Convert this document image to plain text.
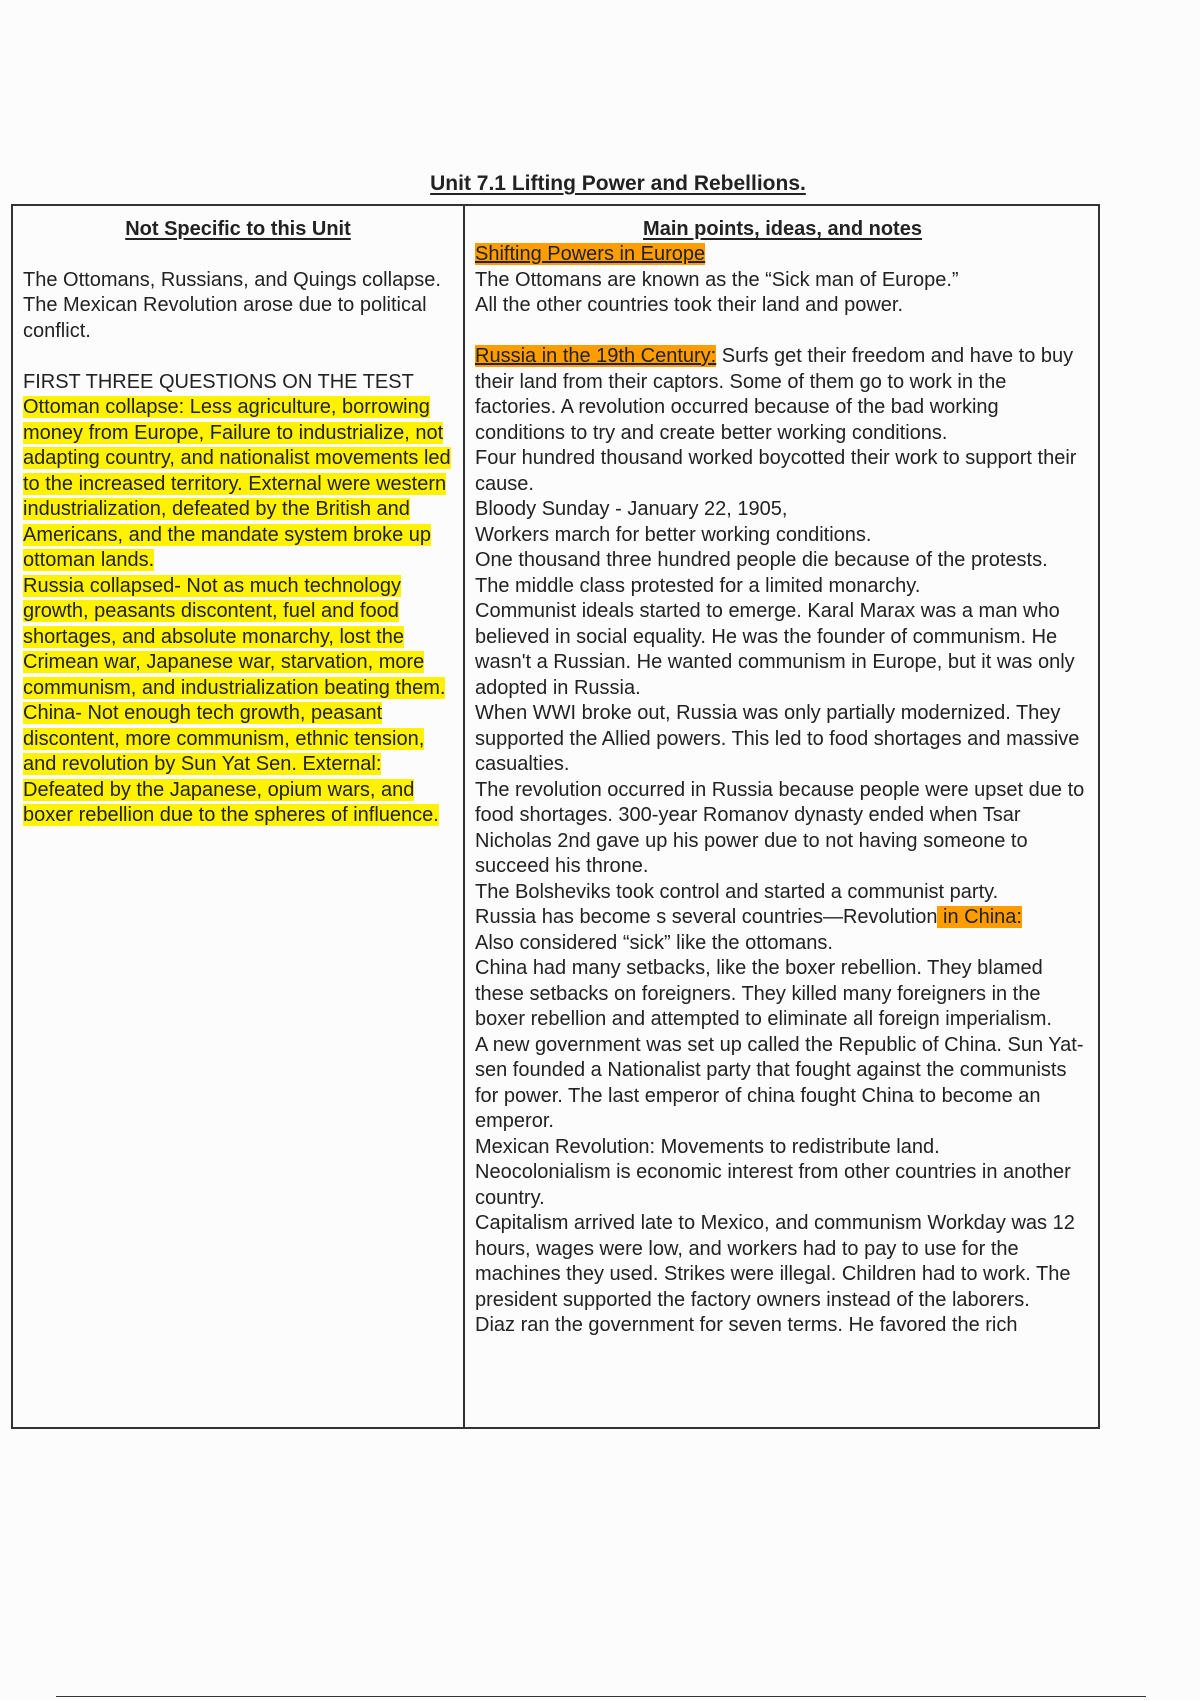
Unit 7.1 Lifting Power and Rebellions.
Not Specific to this Unit

The Ottomans, Russians, and Quings collapse.

The Mexican Revolution arose due to political conflict.

FIRST THREE QUESTIONS ON THE TEST

Ottoman collapse: Less agriculture, borrowing money from Europe, Failure to industrialize, not adapting country, and nationalist movements led to the increased territory. External were western industrialization, defeated by the British and Americans, and the mandate system broke up ottoman lands.

Russia collapsed- Not as much technology growth, peasants discontent, fuel and food shortages, and absolute monarchy, lost the Crimean war, Japanese war, starvation, more communism, and industrialization beating them.

China- Not enough tech growth, peasant discontent, more communism, ethnic tension, and revolution by Sun Yat Sen. External: Defeated by the Japanese, opium wars, and boxer rebellion due to the spheres of influence.

Main points, ideas, and notes

Shifting Powers in Europe

The Ottomans are known as the “Sick man of Europe.”

All the other countries took their land and power.

Russia in the 19th Century: Surfs get their freedom and have to buy their land from their captors. Some of them go to work in the factories. A revolution occurred because of the bad working conditions to try and create better working conditions.

Four hundred thousand worked boycotted their work to support their cause.

Bloody Sunday - January 22, 1905,

Workers march for better working conditions.

One thousand three hundred people die because of the protests.

The middle class protested for a limited monarchy.

Communist ideals started to emerge. Karal Marax was a man who believed in social equality. He was the founder of communism. He wasn't a Russian. He wanted communism in Europe, but it was only adopted in Russia.

When WWI broke out, Russia was only partially modernized. They supported the Allied powers. This led to food shortages and massive casualties.

The revolution occurred in Russia because people were upset due to food shortages. 300-year Romanov dynasty ended when Tsar Nicholas 2nd gave up his power due to not having someone to succeed his throne.

The Bolsheviks took control and started a communist party.

Russia has become s several countries—Revolution in China:

Also considered “sick” like the ottomans.

China had many setbacks, like the boxer rebellion. They blamed these setbacks on foreigners. They killed many foreigners in the boxer rebellion and attempted to eliminate all foreign imperialism.

A new government was set up called the Republic of China. Sun Yat-sen founded a Nationalist party that fought against the communists for power. The last emperor of china fought China to become an emperor.

Mexican Revolution: Movements to redistribute land.

Neocolonialism is economic interest from other countries in another country.

Capitalism arrived late to Mexico, and communism Workday was 12 hours, wages were low, and workers had to pay to use for the machines they used. Strikes were illegal. Children had to work. The president supported the factory owners instead of the laborers.

Diaz ran the government for seven terms. He favored the rich
